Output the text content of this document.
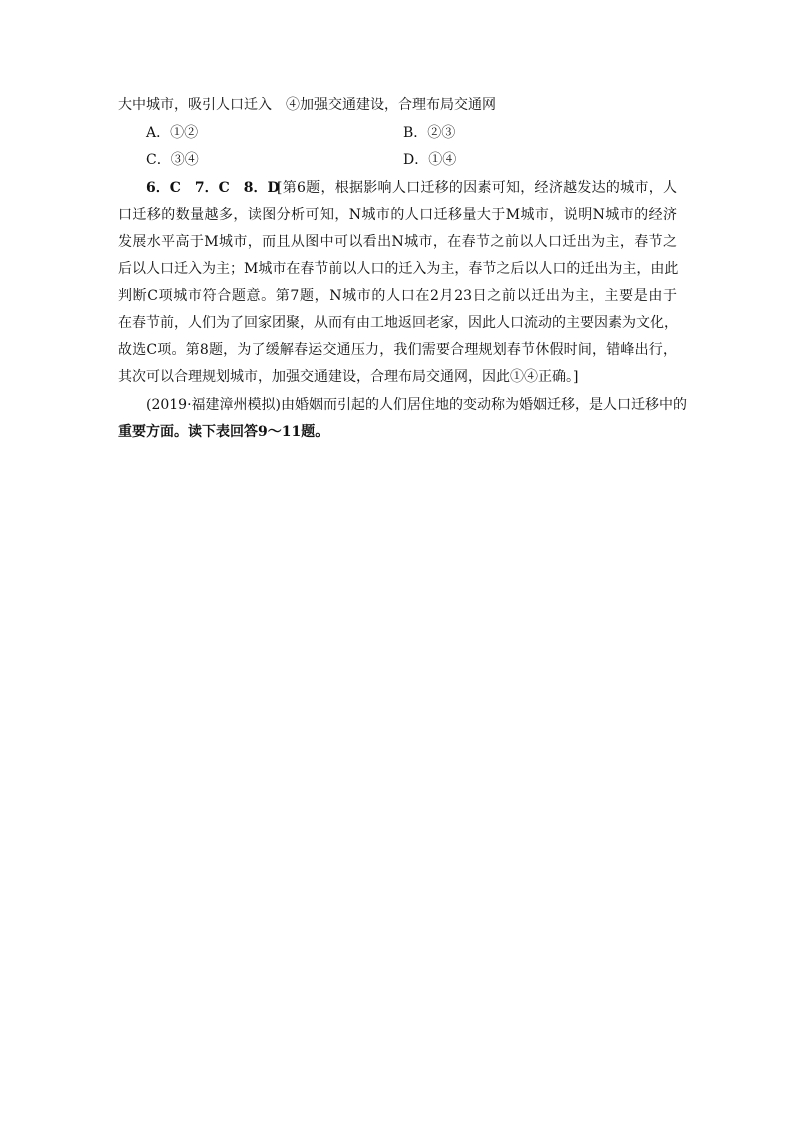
大中城市，吸引人口迁入　④加强交通建设，合理布局交通网
A．①②	B．②③
C．③④	D．①④
6．C　7．C　8．D
[第6题，根据影响人口迁移的因素可知，经济越发达的城市，人
口迁移的数量越多，读图分析可知，N城市的人口迁移量大于M城市，说明N城市的经济
发展水平高于M城市，而且从图中可以看出N城市，在春节之前以人口迁出为主，春节之
后以人口迁入为主；M城市在春节前以人口的迁入为主，春节之后以人口的迁出为主，由此
判断C项城市符合题意。第7题，N城市的人口在2月23日之前以迁出为主，主要是由于
在春节前，人们为了回家团聚，从而有由工地返回老家，因此人口流动的主要因素为文化，
故选C项。第8题，为了缓解春运交通压力，我们需要合理规划春节休假时间，错峰出行，
其次可以合理规划城市，加强交通建设，合理布局交通网，因此①④正确。]
(2019·福建漳州模拟)由婚姻而引起的人们居住地的变动称为婚姻迁移，是人口迁移中的
重要方面。读下表回答9～11题。
